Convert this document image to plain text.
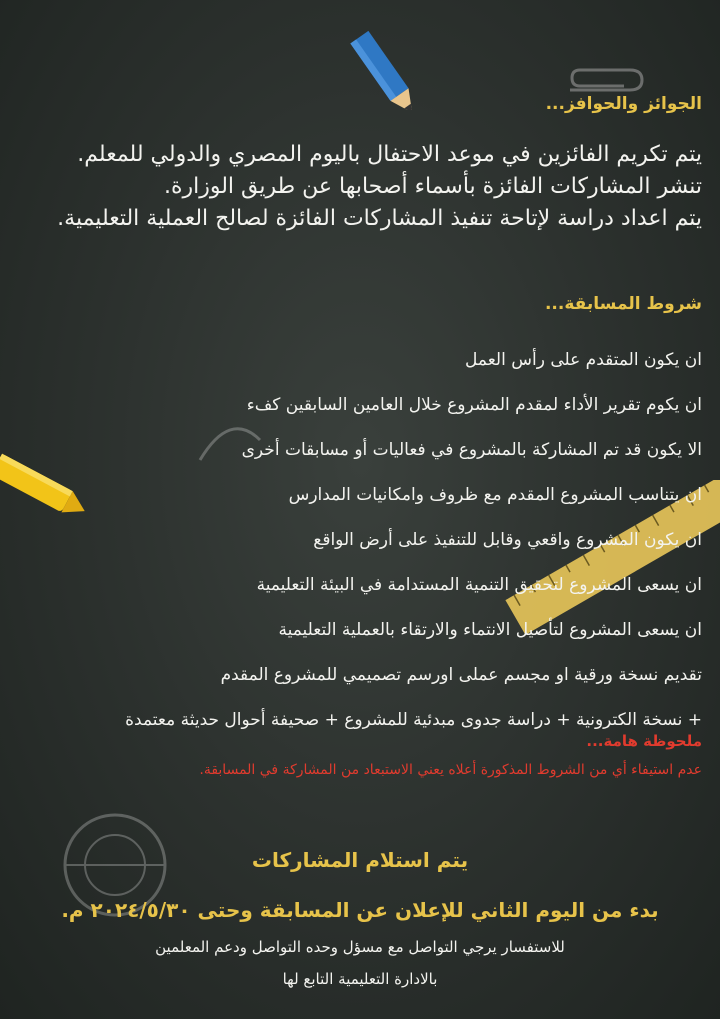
الجوائز والحوافز...
يتم تكريم الفائزين في موعد الاحتفال باليوم المصري والدولي للمعلم.
تنشر المشاركات الفائزة بأسماء أصحابها عن طريق الوزارة.
يتم اعداد دراسة لإتاحة تنفيذ المشاركات الفائزة لصالح العملية التعليمية.
شروط المسابقة...
ان يكون المتقدم على رأس العمل
ان يكوم تقرير الأداء لمقدم المشروع خلال العامين السابقين كفء
الا يكون قد تم المشاركة بالمشروع في فعاليات أو مسابقات أخرى
ان يتناسب المشروع المقدم مع ظروف وامكانيات المدارس
ان يكون المشروع واقعي وقابل للتنفيذ على أرض الواقع
ان يسعى المشروع لتحقيق التنمية المستدامة في البيئة التعليمية
ان يسعى المشروع لتأصيل الانتماء والارتقاء بالعملية التعليمية
تقديم نسخة ورقية او مجسم عملى اورسم تصميمي للمشروع المقدم
+ نسخة الكترونية + دراسة جدوى مبدئية للمشروع + صحيفة أحوال حديثة معتمدة
ملحوظة هامة...
عدم استيفاء أي من الشروط المذكورة أعلاه يعني الاستبعاد من المشاركة في المسابقة.
يتم استلام المشاركات
بدء من اليوم الثاني للإعلان عن المسابقة وحتى ٢٠٢٤/٥/٣٠ م.
للاستفسار يرجي التواصل مع مسؤل وحده التواصل ودعم المعلمين
بالادارة التعليمية التابع لها
